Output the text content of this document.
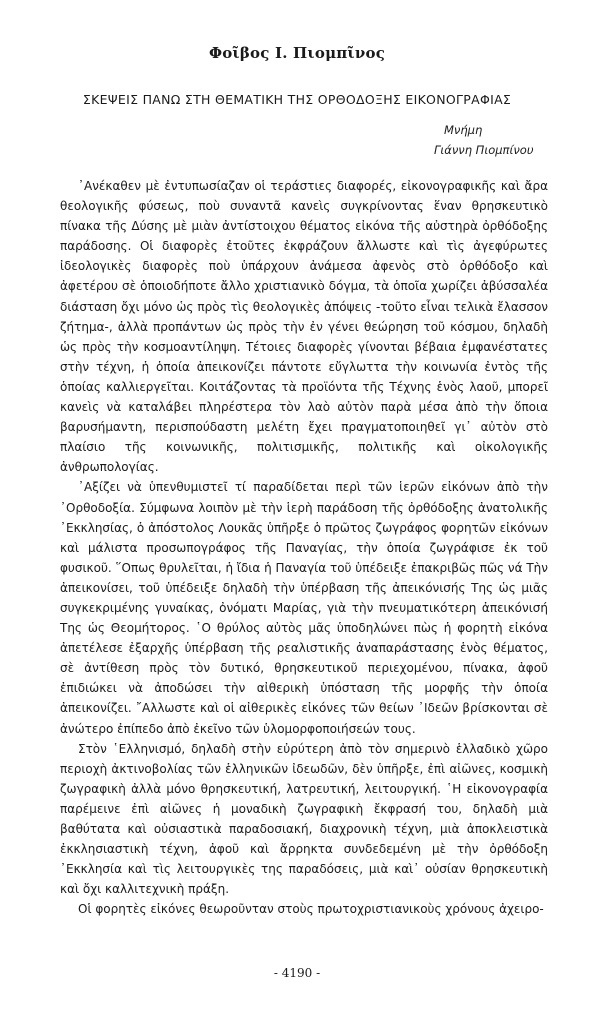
Φοῖβος Ι. Πιομπῖνος
ΣΚΕΨΕΙΣ ΠΑΝΩ ΣΤΗ ΘΕΜΑΤΙΚΗ ΤΗΣ ΟΡΘΟΔΟΞΗΣ ΕΙΚΟΝΟΓΡΑΦΙΑΣ
Μνήμη
Γιάννη Πιομπίνου

᾿Ανέκαθεν μὲ ἐντυπωσίαζαν οἱ τεράστιες διαφορές, εἰκονογραφικῆς καὶ ἄρα θεολογικῆς φύσεως, ποὺ συναντᾶ κανεὶς συγκρίνοντας ἕναν θρησκευτικὸ πίνακα τῆς Δύσης μὲ μιὰν ἀντίστοιχου θέματος εἰκόνα τῆς αὐστηρὰ ὀρθόδοξης παράδοσης. Οἱ διαφορὲς ἐτοῦτες ἐκφράζουν ἄλλωστε καὶ τὶς ἀγεφύρωτες ἰδεολογικὲς διαφορὲς ποὺ ὑπάρχουν ἀνάμεσα ἀφενὸς στὸ ὀρθόδοξο καὶ ἀφετέρου σὲ ὁποιοδήποτε ἄλλο χριστιανικὸ δόγμα, τὰ ὁποῖα χωρίζει ἀβύσσαλέα διάσταση ὄχι μόνο ὡς πρὸς τὶς θεολογικὲς ἀπόψεις -τοῦτο εἶναι τελικὰ ἔλασσον ζήτημα-, ἀλλὰ προπάντων ὡς πρὸς τὴν ἐν γένει θεώρηση τοῦ κόσμου, δηλαδὴ ὡς πρὸς τὴν κοσμοαντίληψη. Τέτοιες διαφορὲς γίνονται βέβαια ἐμφανέστατες στὴν τέχνη, ἡ ὁποία ἀπεικονίζει πάντοτε εὔγλωττα τὴν κοινωνία ἐντὸς τῆς ὁποίας καλλιεργεῖται. Κοιτάζοντας τὰ προϊόντα τῆς Τέχνης ἑνὸς λαοῦ, μπορεῖ κανεὶς νὰ καταλάβει πληρέστερα τὸν λαὸ αὐτὸν παρὰ μέσα ἀπὸ τὴν ὅποια βαρυσήμαντη, περισπούδαστη μελέτη ἔχει πραγματοποιηθεῖ γι᾿ αὐτὸν στὸ πλαίσιο τῆς κοινωνικῆς, πολιτισμικῆς, πολιτικῆς καὶ οἰκολογικῆς ἀνθρωπολογίας.

᾿Αξίζει νὰ ὑπενθυμιστεῖ τί παραδίδεται περὶ τῶν ἱερῶν εἰκόνων ἀπὸ τὴν ᾿Ορθοδοξία. Σύμφωνα λοιπὸν μὲ τὴν ἱερὴ παράδοση τῆς ὀρθόδοξης ἀνατολικῆς ᾿Εκκλησίας, ὁ ἀπόστολος Λουκᾶς ὑπῆρξε ὁ πρῶτος ζωγράφος φορητῶν εἰκόνων καὶ μάλιστα προσωπογράφος τῆς Παναγίας, τὴν ὁποία ζωγράφισε ἐκ τοῦ φυσικοῦ. ῞Οπως θρυλεῖται, ἡ ἴδια ἡ Παναγία τοῦ ὑπέδειξε ἐπακριβῶς πῶς νά Τὴν ἀπεικονίσει, τοῦ ὑπέδειξε δηλαδὴ τὴν ὑπέρβαση τῆς ἀπεικόνισής Της ὡς μιᾶς συγκεκριμένης γυναίκας, ὀνόματι Μαρίας, γιὰ τὴν πνευματικότερη ἀπεικόνισή Της ὡς Θεομήτορος. ῾Ο θρύλος αὐτὸς μᾶς ὑποδηλώνει πὼς ἡ φορητὴ εἰκόνα ἀπετέλεσε ἐξαρχῆς ὑπέρβαση τῆς ρεαλιστικῆς ἀναπαράστασης ἑνὸς θέματος, σὲ ἀντίθεση πρὸς τὸν δυτικό, θρησκευτικοῦ περιεχομένου, πίνακα, ἀφοῦ ἐπιδιώκει νὰ ἀποδώσει τὴν αἰθερικὴ ὑπόσταση τῆς μορφῆς τὴν ὁποία ἀπεικονίζει. ῎Αλλωστε καὶ οἱ αἰθερικὲς εἰκόνες τῶν θείων ᾿Ιδεῶν βρίσκονται σὲ ἀνώτερο ἐπίπεδο ἀπὸ ἐκεῖνο τῶν ὑλομορφοποιήσεών τους.

Στὸν ῾Ελληνισμό, δηλαδὴ στὴν εὐρύτερη ἀπὸ τὸν σημερινὸ ἑλλαδικὸ χῶρο περιοχὴ ἀκτινοβολίας τῶν ἑλληνικῶν ἰδεωδῶν, δὲν ὑπῆρξε, ἐπὶ αἰῶνες, κοσμικὴ ζωγραφικὴ ἀλλὰ μόνο θρησκευτική, λατρευτική, λειτουργική. ῾Η εἰκονογραφία παρέμεινε ἐπὶ αἰῶνες ἡ μοναδικὴ ζωγραφικὴ ἔκφρασή του, δηλαδὴ μιὰ βαθύτατα καὶ οὐσιαστικὰ παραδοσιακή, διαχρονικὴ τέχνη, μιὰ ἀποκλειστικὰ ἐκκλησιαστικὴ τέχνη, ἀφοῦ καὶ ἄρρηκτα συνδεδεμένη μὲ τὴν ὀρθόδοξη ᾿Εκκλησία καὶ τὶς λειτουργικὲς της παραδόσεις, μιὰ καὶ᾿ οὐσίαν θρησκευτικὴ καὶ ὄχι καλλιτεχνικὴ πράξη.

Οἱ φορητὲς εἰκόνες θεωροῦνταν στοὺς πρωτοχριστιανικοὺς χρόνους ἀχειρο-

- 4190 -
